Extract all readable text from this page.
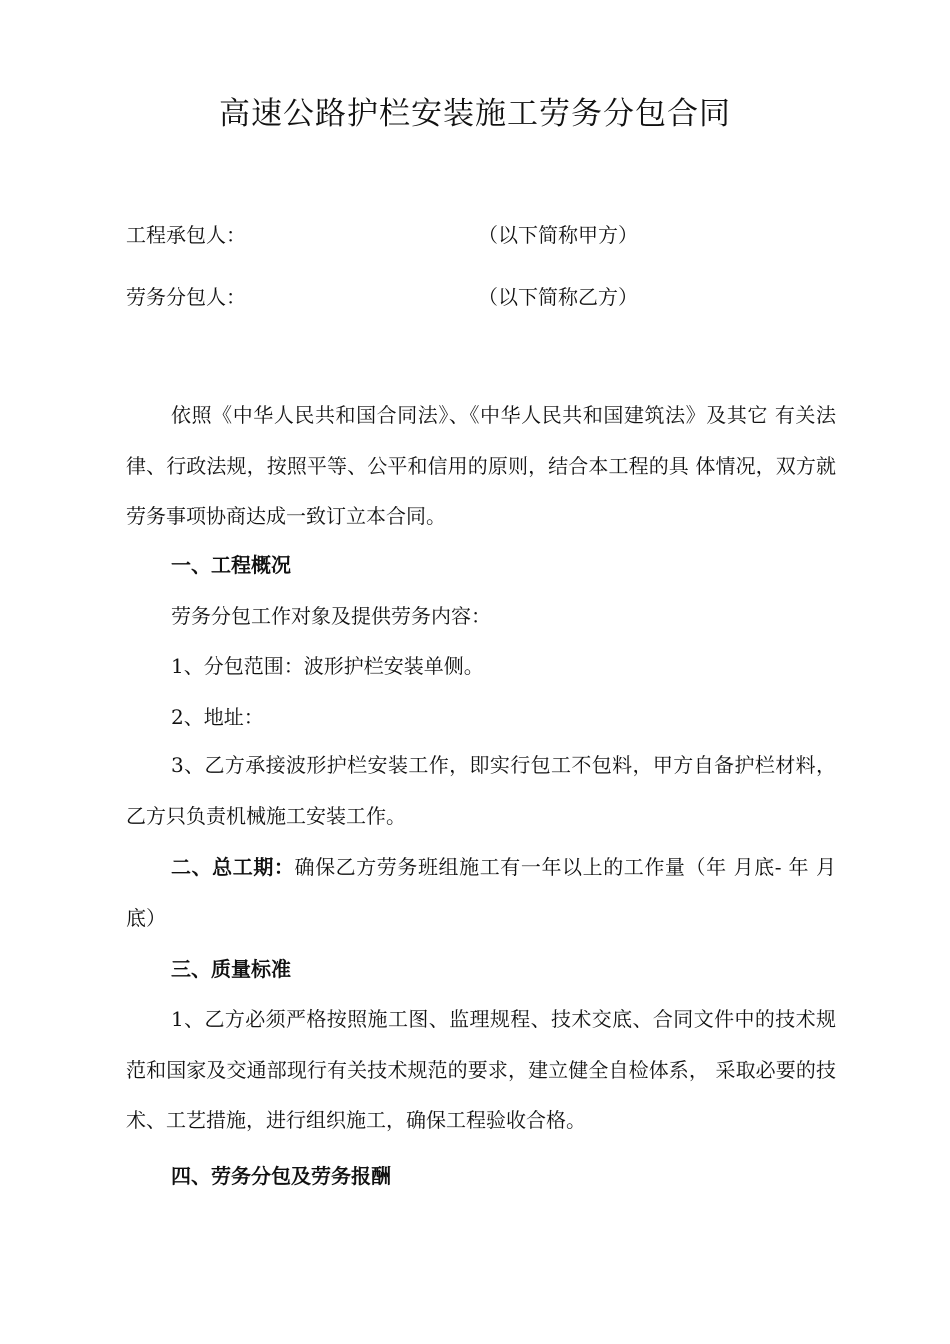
高速公路护栏安装施工劳务分包合同
工程承包人：	（以下简称甲方）
劳务分包人：	（以下简称乙方）
依照《中华人民共和国合同法》、《中华人民共和国建筑法》及其它 有关法律、行政法规，按照平等、公平和信用的原则，结合本工程的具 体情况，双方就劳务事项协商达成一致订立本合同。
一、工程概况
劳务分包工作对象及提供劳务内容：
1、分包范围：波形护栏安装单侧。
2、地址：
3、乙方承接波形护栏安装工作，即实行包工不包料，甲方自备护栏材料，乙方只负责机械施工安装工作。
二、总工期：确保乙方劳务班组施工有一年以上的工作量（年 月底- 年 月底）
三、质量标准
1、乙方必须严格按照施工图、监理规程、技术交底、合同文件中的技术规范和国家及交通部现行有关技术规范的要求，建立健全自检体系， 采取必要的技术、工艺措施，进行组织施工，确保工程验收合格。
四、劳务分包及劳务报酬
